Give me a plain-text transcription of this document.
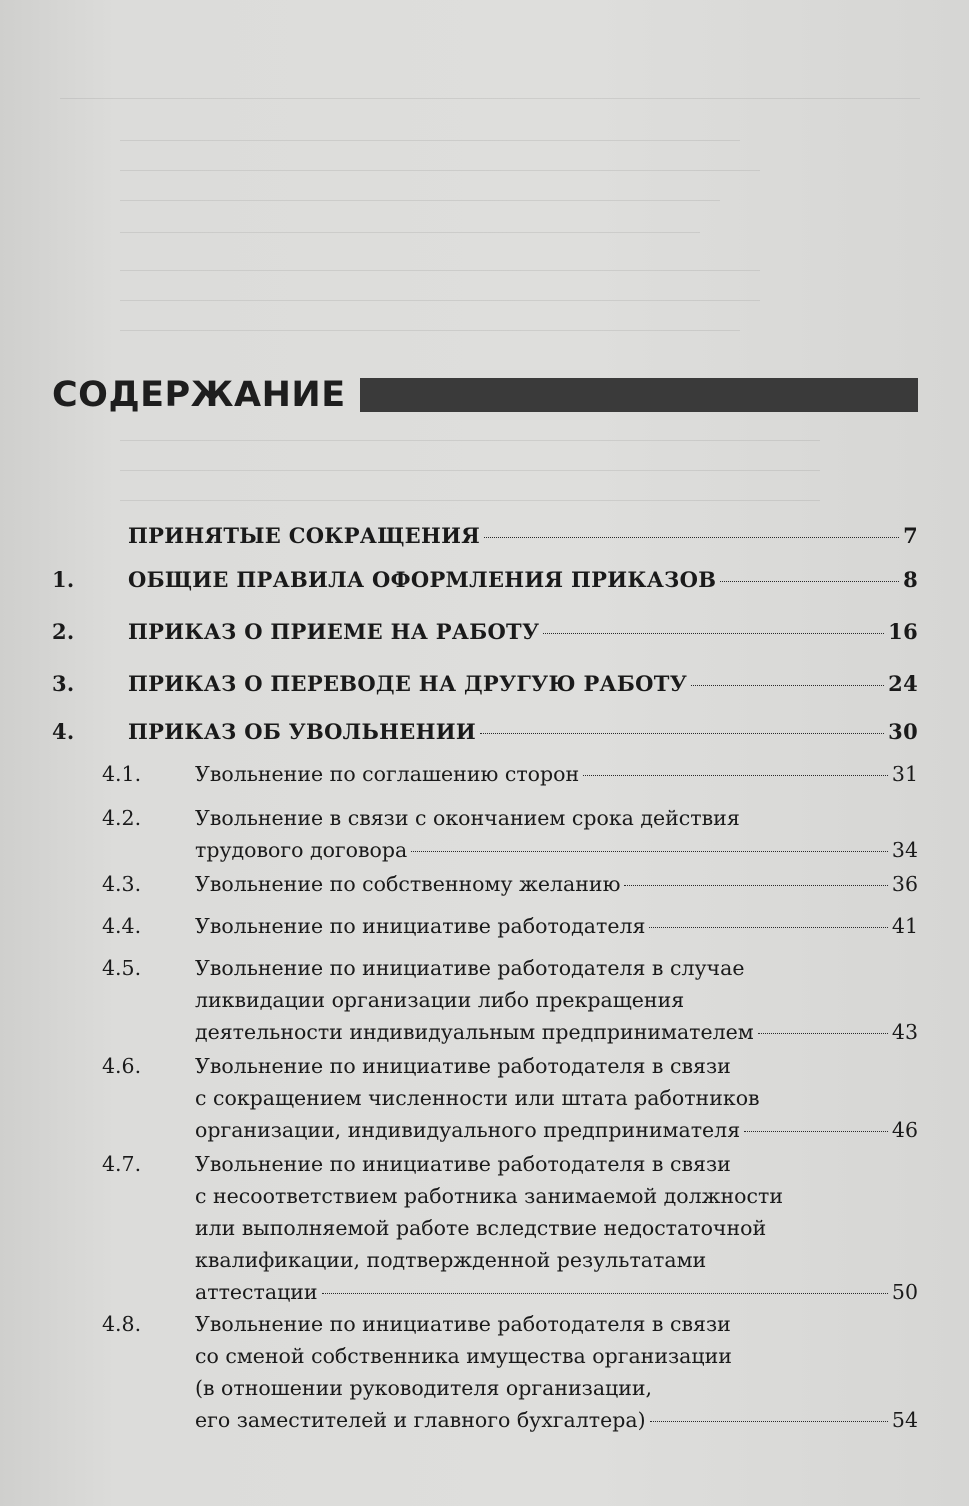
СОДЕРЖАНИЕ
ПРИНЯТЫЕ СОКРАЩЕНИЯ	7
1.	ОБЩИЕ ПРАВИЛА ОФОРМЛЕНИЯ ПРИКАЗОВ	8
2.	ПРИКАЗ О ПРИЕМЕ НА РАБОТУ	16
3.	ПРИКАЗ О ПЕРЕВОДЕ НА ДРУГУЮ РАБОТУ	24
4.	ПРИКАЗ ОБ УВОЛЬНЕНИИ	30
4.1.	Увольнение по соглашению сторон	31
4.2.	Увольнение в связи с окончанием срока действия
трудового договора	34
4.3.	Увольнение по собственному желанию	36
4.4.	Увольнение по инициативе работодателя	41
4.5.	Увольнение по инициативе работодателя в случае
ликвидации организации либо прекращения
деятельности индивидуальным предпринимателем	43
4.6.	Увольнение по инициативе работодателя в связи
с сокращением численности или штата работников
организации, индивидуального предпринимателя	46
4.7.	Увольнение по инициативе работодателя в связи
с несоответствием работника занимаемой должности
или выполняемой работе вследствие недостаточной
квалификации, подтвержденной результатами
аттестации	50
4.8.	Увольнение по инициативе работодателя в связи
со сменой собственника имущества организации
(в отношении руководителя организации,
его заместителей и главного бухгалтера)	54
